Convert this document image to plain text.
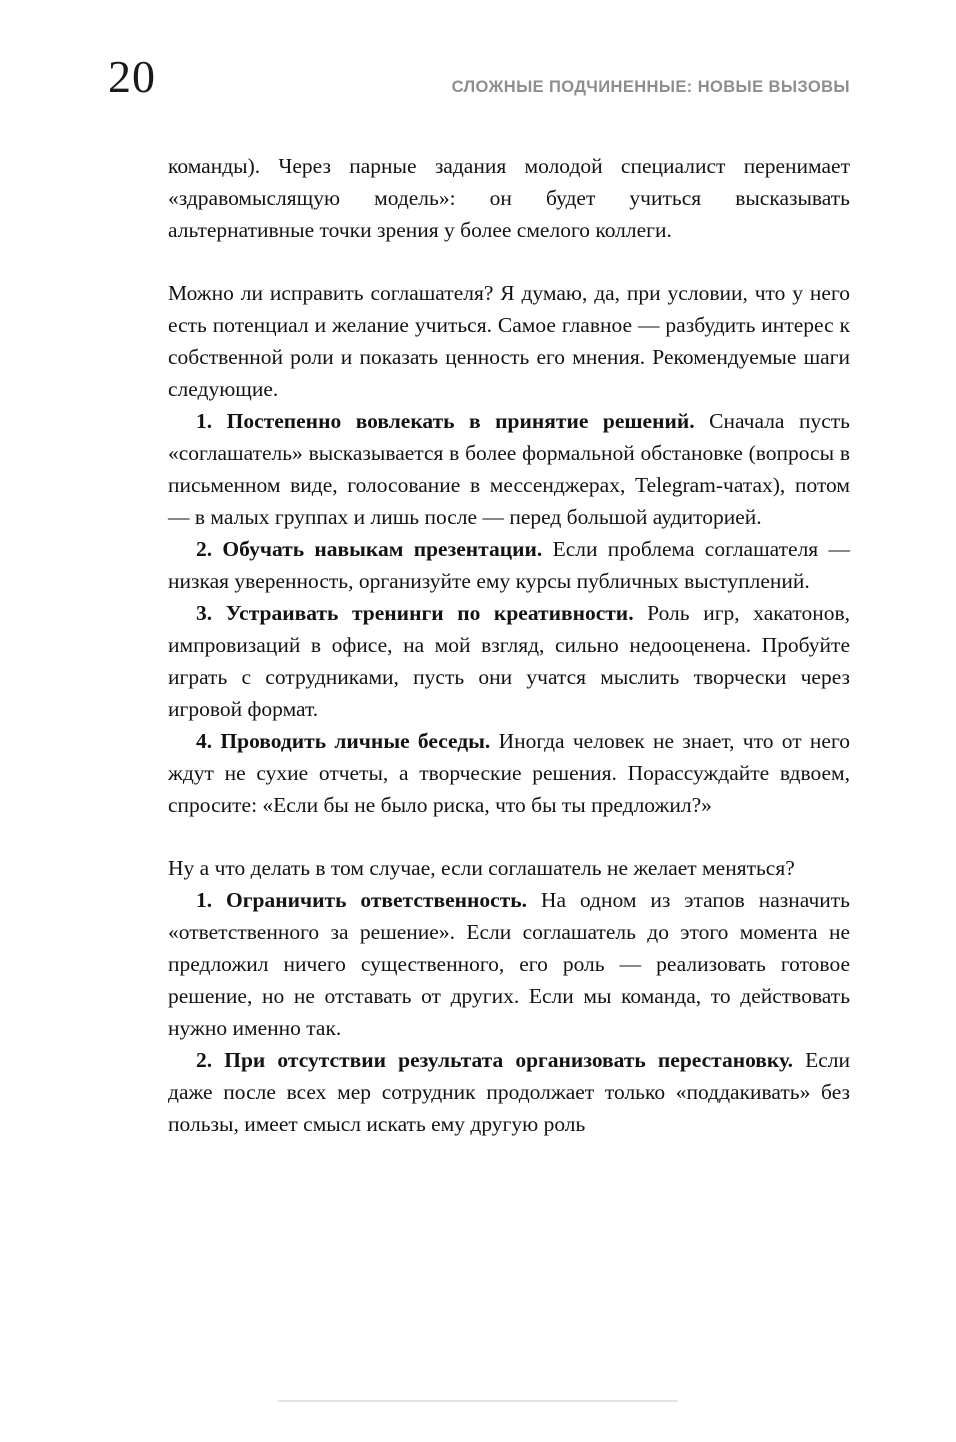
20	СЛОЖНЫЕ ПОДЧИНЕННЫЕ: НОВЫЕ ВЫЗОВЫ

команды). Через парные задания молодой специалист перенимает «здравомыслящую модель»: он будет учиться высказывать альтернативные точки зрения у более смелого коллеги.

Можно ли исправить соглашателя? Я думаю, да, при условии, что у него есть потенциал и желание учиться. Самое главное — разбудить интерес к собственной роли и показать ценность его мнения. Рекомендуемые шаги следующие.

1. Постепенно вовлекать в принятие решений. Сначала пусть «соглашатель» высказывается в более формальной обстановке (вопросы в письменном виде, голосование в мессенджерах, Telegram-чатах), потом — в малых группах и лишь после — перед большой аудиторией.

2. Обучать навыкам презентации. Если проблема соглашателя — низкая уверенность, организуйте ему курсы публичных выступлений.

3. Устраивать тренинги по креативности. Роль игр, хакатонов, импровизаций в офисе, на мой взгляд, сильно недооценена. Пробуйте играть с сотрудниками, пусть они учатся мыслить творчески через игровой формат.

4. Проводить личные беседы. Иногда человек не знает, что от него ждут не сухие отчеты, а творческие решения. Порассуждайте вдвоем, спросите: «Если бы не было риска, что бы ты предложил?»

Ну а что делать в том случае, если соглашатель не желает меняться?

1. Ограничить ответственность. На одном из этапов назначить «ответственного за решение». Если соглашатель до этого момента не предложил ничего существенного, его роль — реализовать готовое решение, но не отставать от других. Если мы команда, то действовать нужно именно так.

2. При отсутствии результата организовать перестановку. Если даже после всех мер сотрудник продолжает только «поддакивать» без пользы, имеет смысл искать ему другую роль
